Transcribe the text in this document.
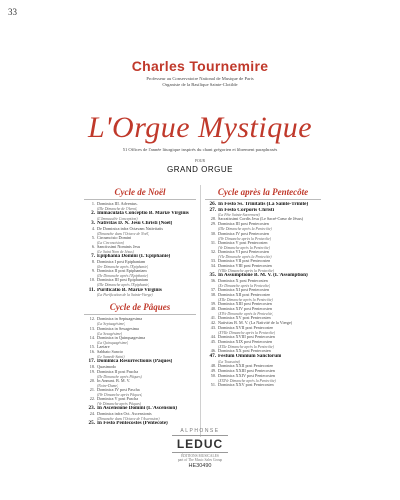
33
Charles Tournemire
Professeur au Conservatoire National de Musique de Paris
Organiste de la Basilique Sainte-Clotilde
L'Orgue Mystique
51 Offices de l'année liturgique inspirés du chant grégorien et librement paraphrasés
POUR
GRAND ORGUE
Cycle de Noël
1. Dominica III. Adventus.
(IIIe Dimanche de l'Avent)
2. Immaculata Conceptio B. Mariæ Virginis
(L'Immaculée Conception)
3. Nativitas D. N. Jesu Christi (Noël)
4. De Dominica infra Octavam Nativitatis
(Dimanche dans l'Octave de Noël)
5. Circumcisio Domini
(La Circoncision)
6. Sanctissimi Nominis Jesu
(Le Saint Nom de Jésus)
7. Epiphania Domini (L'Epiphanie)
8. Dominica I post Epiphaniam
(Ier Dimanche après l'Epiphanie)
9. Dominica II post Epiphaniam
(IIe Dimanche après l'Epiphanie)
10. Dominica III post Epiphaniam
(IIIe Dimanche après l'Epiphanie)
11. Purificatio B. Mariæ Virginis
(La Purification de la Sainte-Vierge)
Cycle de Pâques
12. Dominica in Septuagesima
(La Septuagésime)
13. Dominica in Sexagesima
(La Sexagésime)
14. Dominica in Quinquagesima
(La Quinquagésime)
15. Laetare
16. Sabbato Sancto
(Le Samedi-Saint)
17. Dominica Resurrectionis (Pâques)
18. Quasimodo
19. Dominica II post Pascha
(IIe Dimanche après Pâques)
20. In Annunt. B. M. V.
(Notre-Dame)
21. Dominica IV post Pascha
(IVe Dimanche après Pâques)
22. Dominica V post Pascha
(Ve Dimanche après Pâques)
23. In Ascensione Domini (L'Ascension)
24. Dominica infra Oct. Ascensionis
(Dimanche dans l'Octave de l'Ascension)
25. In Festo Pentecostes (Pentecôte)
Cycle après la Pentecôte
26. In Festo Ss. Trinitatis (La Sainte-Trinité)
27. In Festo Corporis Christi
(La Fête Sainte-Sacrement)
28. Sacratissimi Cordis Jesu (Le Sacré-Cœur de Jésus)
29. Dominica III post Pentecosten
(IIIe Dimanche après la Pentecôte)
30. Dominica IV post Pentecosten
(IVe Dimanche après la Pentecôte)
31. Dominica V post Pentecosten
(Ve Dimanche après la Pentecôte)
32. Dominica VI post Pentecosten
(VIe Dimanche après la Pentecôte)
33. Dominica VII post Pentecosten
34. Dominica VIII post Pentecosten
(VIIIe Dimanche après la Pentecôte)
35. In Assumptione B. M. V. (L'Assomption)
36. Dominica X post Pentecosten
(Xe Dimanche après la Pentecôte)
37. Dominica XI post Pentecosten
38. Dominica XII post Pentecosten
(XIIe Dimanche après la Pentecôte)
39. Dominica XIII post Pentecosten
40. Dominica XIV post Pentecosten
(XIVe Dimanche après la Pentecôte)
41. Dominica XV post Pentecosten
42. Nativitas B. M. V. (La Nativité de la Vierge)
43. Dominica XVII post Pentecosten
(XVIIe Dimanche après la Pentecôte)
44. Dominica XVIII post Pentecosten
45. Dominica XIX post Pentecosten
(XIXe Dimanche après la Pentecôte)
46. Dominica XX post Pentecosten
47. Festum Omnium Sanctorum
(La Toussaint)
48. Dominica XXII post Pentecosten
49. Dominica XXIII post Pentecosten
50. Dominica XXIV post Pentecosten
(XXIVe Dimanche après la Pentecôte)
51. Dominica XXV post Pentecosten
ALPHONSE
LEDUC
ÉDITIONS MUSICALES
part of The Music Sales Group
HE30490
